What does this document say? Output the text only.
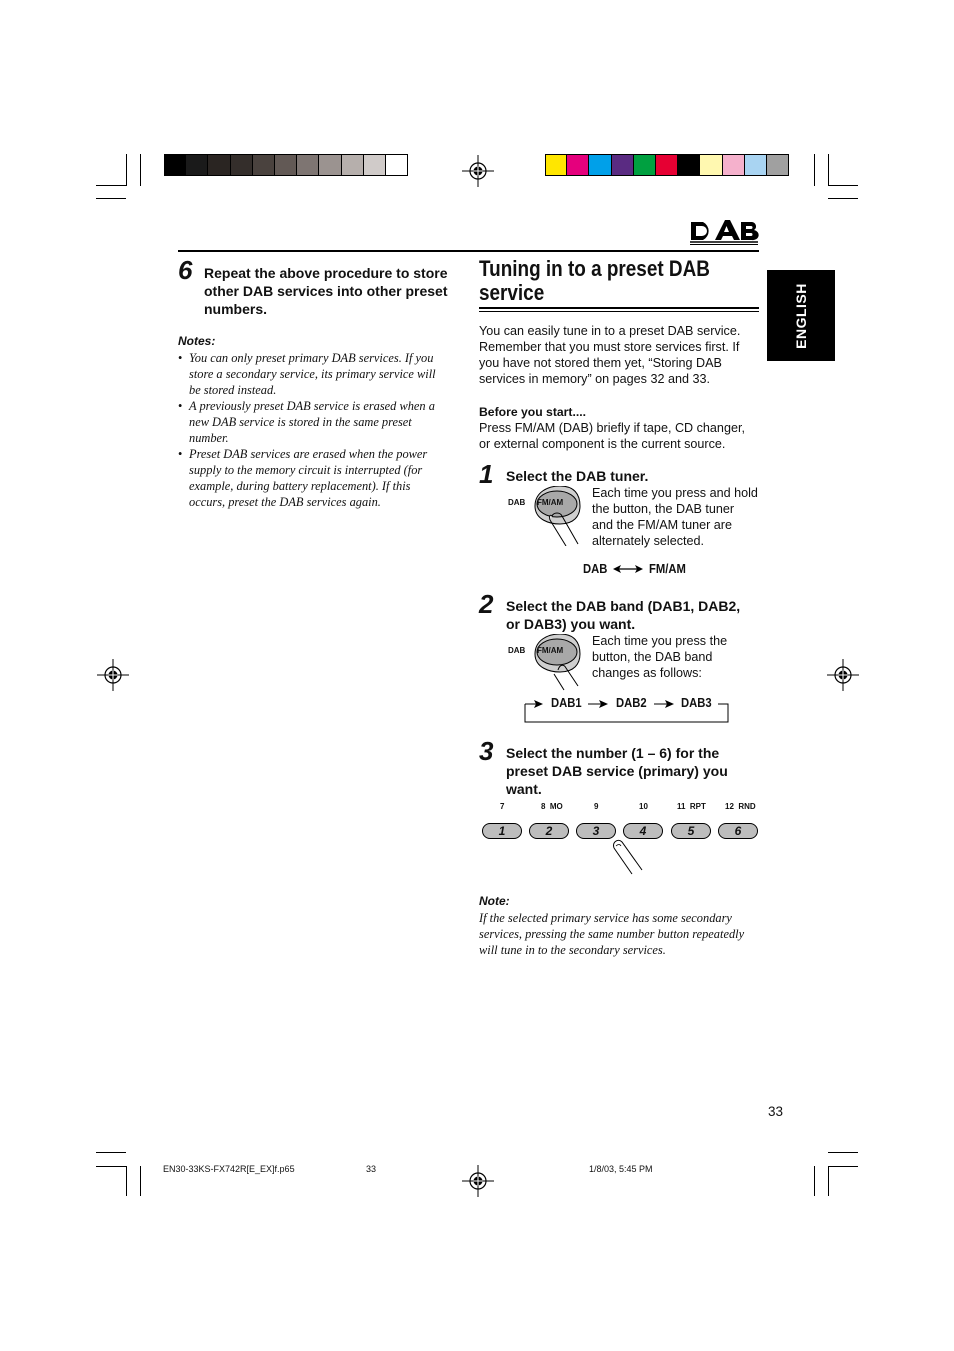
ENGLISH
6 Repeat the above procedure to store other DAB services into other preset numbers.
Notes:
• You can only preset primary DAB services. If you store a secondary service, its primary service will be stored instead.
• A previously preset DAB service is erased when a new DAB service is stored in the same preset number.
• Preset DAB services are erased when the power supply to the memory circuit is interrupted (for example, during battery replacement). If this occurs, preset the DAB services again.
Tuning in to a preset DAB
service
You can easily tune in to a preset DAB service. Remember that you must store services first. If you have not stored them yet, “Storing DAB services in memory” on pages 32 and 33.
Before you start....
Press FM/AM (DAB) briefly if tape, CD changer, or external component is the current source.
1 Select the DAB tuner.
DAB FM/AM
Each time you press and hold the button, the DAB tuner and the FM/AM tuner are alternately selected.
DAB	FM/AM
2 Select the DAB band (DAB1, DAB2, or DAB3) you want.
DAB FM/AM
Each time you press the button, the DAB band changes as follows:
DAB1	DAB2	DAB3
3 Select the number (1 – 6) for the preset DAB service (primary) you want.
7	8  MO	9	10	11  RPT 12  RND
1	2	3	4	5	6
Note:
If the selected primary service has some secondary services, pressing the same number button repeatedly will tune in to the secondary services.
33
EN30-33KS-FX742R[E_EX]f.p65	33	1/8/03, 5:45 PM
